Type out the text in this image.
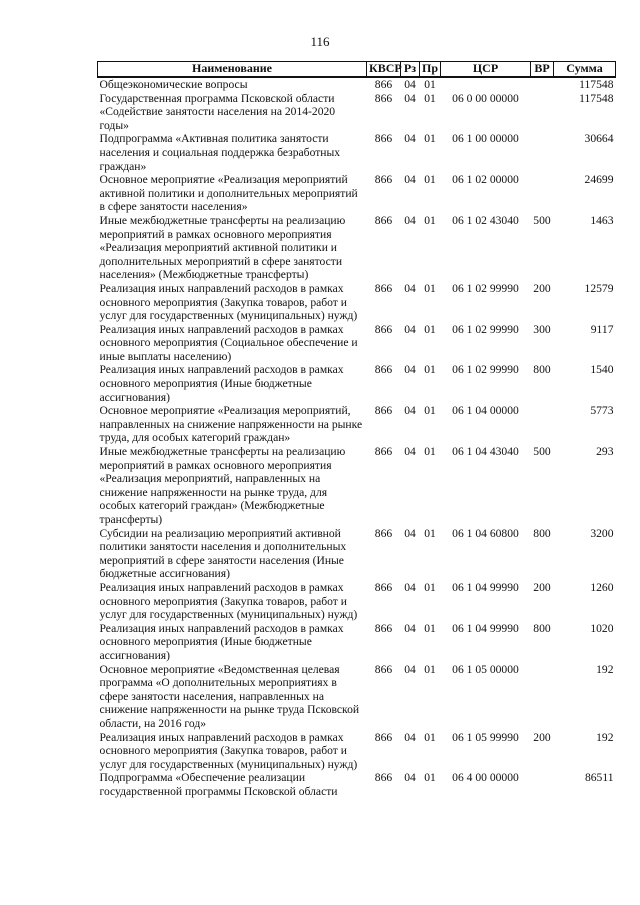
116
Наименование	КВСР	Рз	Пр	ЦСР	ВР	Сумма
Общеэкономические вопросы	866	04	01			117548
Государственная программа Псковской области «Содействие занятости населения на 2014-2020 годы»	866	04	01	06 0 00 00000		117548
Подпрограмма «Активная политика занятости населения и социальная поддержка безработных граждан»	866	04	01	06 1 00 00000		30664
Основное мероприятие «Реализация мероприятий активной политики и дополнительных мероприятий в сфере занятости населения»	866	04	01	06 1 02 00000		24699
Иные межбюджетные трансферты на реализацию мероприятий в рамках основного мероприятия «Реализация мероприятий активной политики и дополнительных мероприятий в сфере занятости населения» (Межбюджетные трансферты)	866	04	01	06 1 02 43040	500	1463
Реализация иных направлений расходов в рамках основного мероприятия (Закупка товаров, работ и услуг для государственных (муниципальных) нужд)	866	04	01	06 1 02 99990	200	12579
Реализация иных направлений расходов в рамках основного мероприятия (Социальное обеспечение и иные выплаты населению)	866	04	01	06 1 02 99990	300	9117
Реализация иных направлений расходов в рамках основного мероприятия (Иные бюджетные ассигнования)	866	04	01	06 1 02 99990	800	1540
Основное мероприятие «Реализация мероприятий, направленных на снижение напряженности на рынке труда, для особых категорий граждан»	866	04	01	06 1 04 00000		5773
Иные межбюджетные трансферты на реализацию мероприятий в рамках основного мероприятия «Реализация мероприятий, направленных на снижение напряженности на рынке труда, для особых категорий граждан» (Межбюджетные трансферты)	866	04	01	06 1 04 43040	500	293
Субсидии на реализацию мероприятий активной политики занятости населения и дополнительных мероприятий в сфере занятости населения (Иные бюджетные ассигнования)	866	04	01	06 1 04 60800	800	3200
Реализация иных направлений расходов в рамках основного мероприятия (Закупка товаров, работ и услуг для государственных (муниципальных) нужд)	866	04	01	06 1 04 99990	200	1260
Реализация иных направлений расходов в рамках основного мероприятия (Иные бюджетные ассигнования)	866	04	01	06 1 04 99990	800	1020
Основное мероприятие «Ведомственная целевая программа «О дополнительных мероприятиях в сфере занятости населения, направленных на снижение напряженности на рынке труда Псковской области, на 2016 год»	866	04	01	06 1 05 00000		192
Реализация иных направлений расходов в рамках основного мероприятия (Закупка товаров, работ и услуг для государственных (муниципальных) нужд)	866	04	01	06 1 05 99990	200	192
Подпрограмма «Обеспечение реализации государственной программы Псковской области	866	04	01	06 4 00 00000		86511
